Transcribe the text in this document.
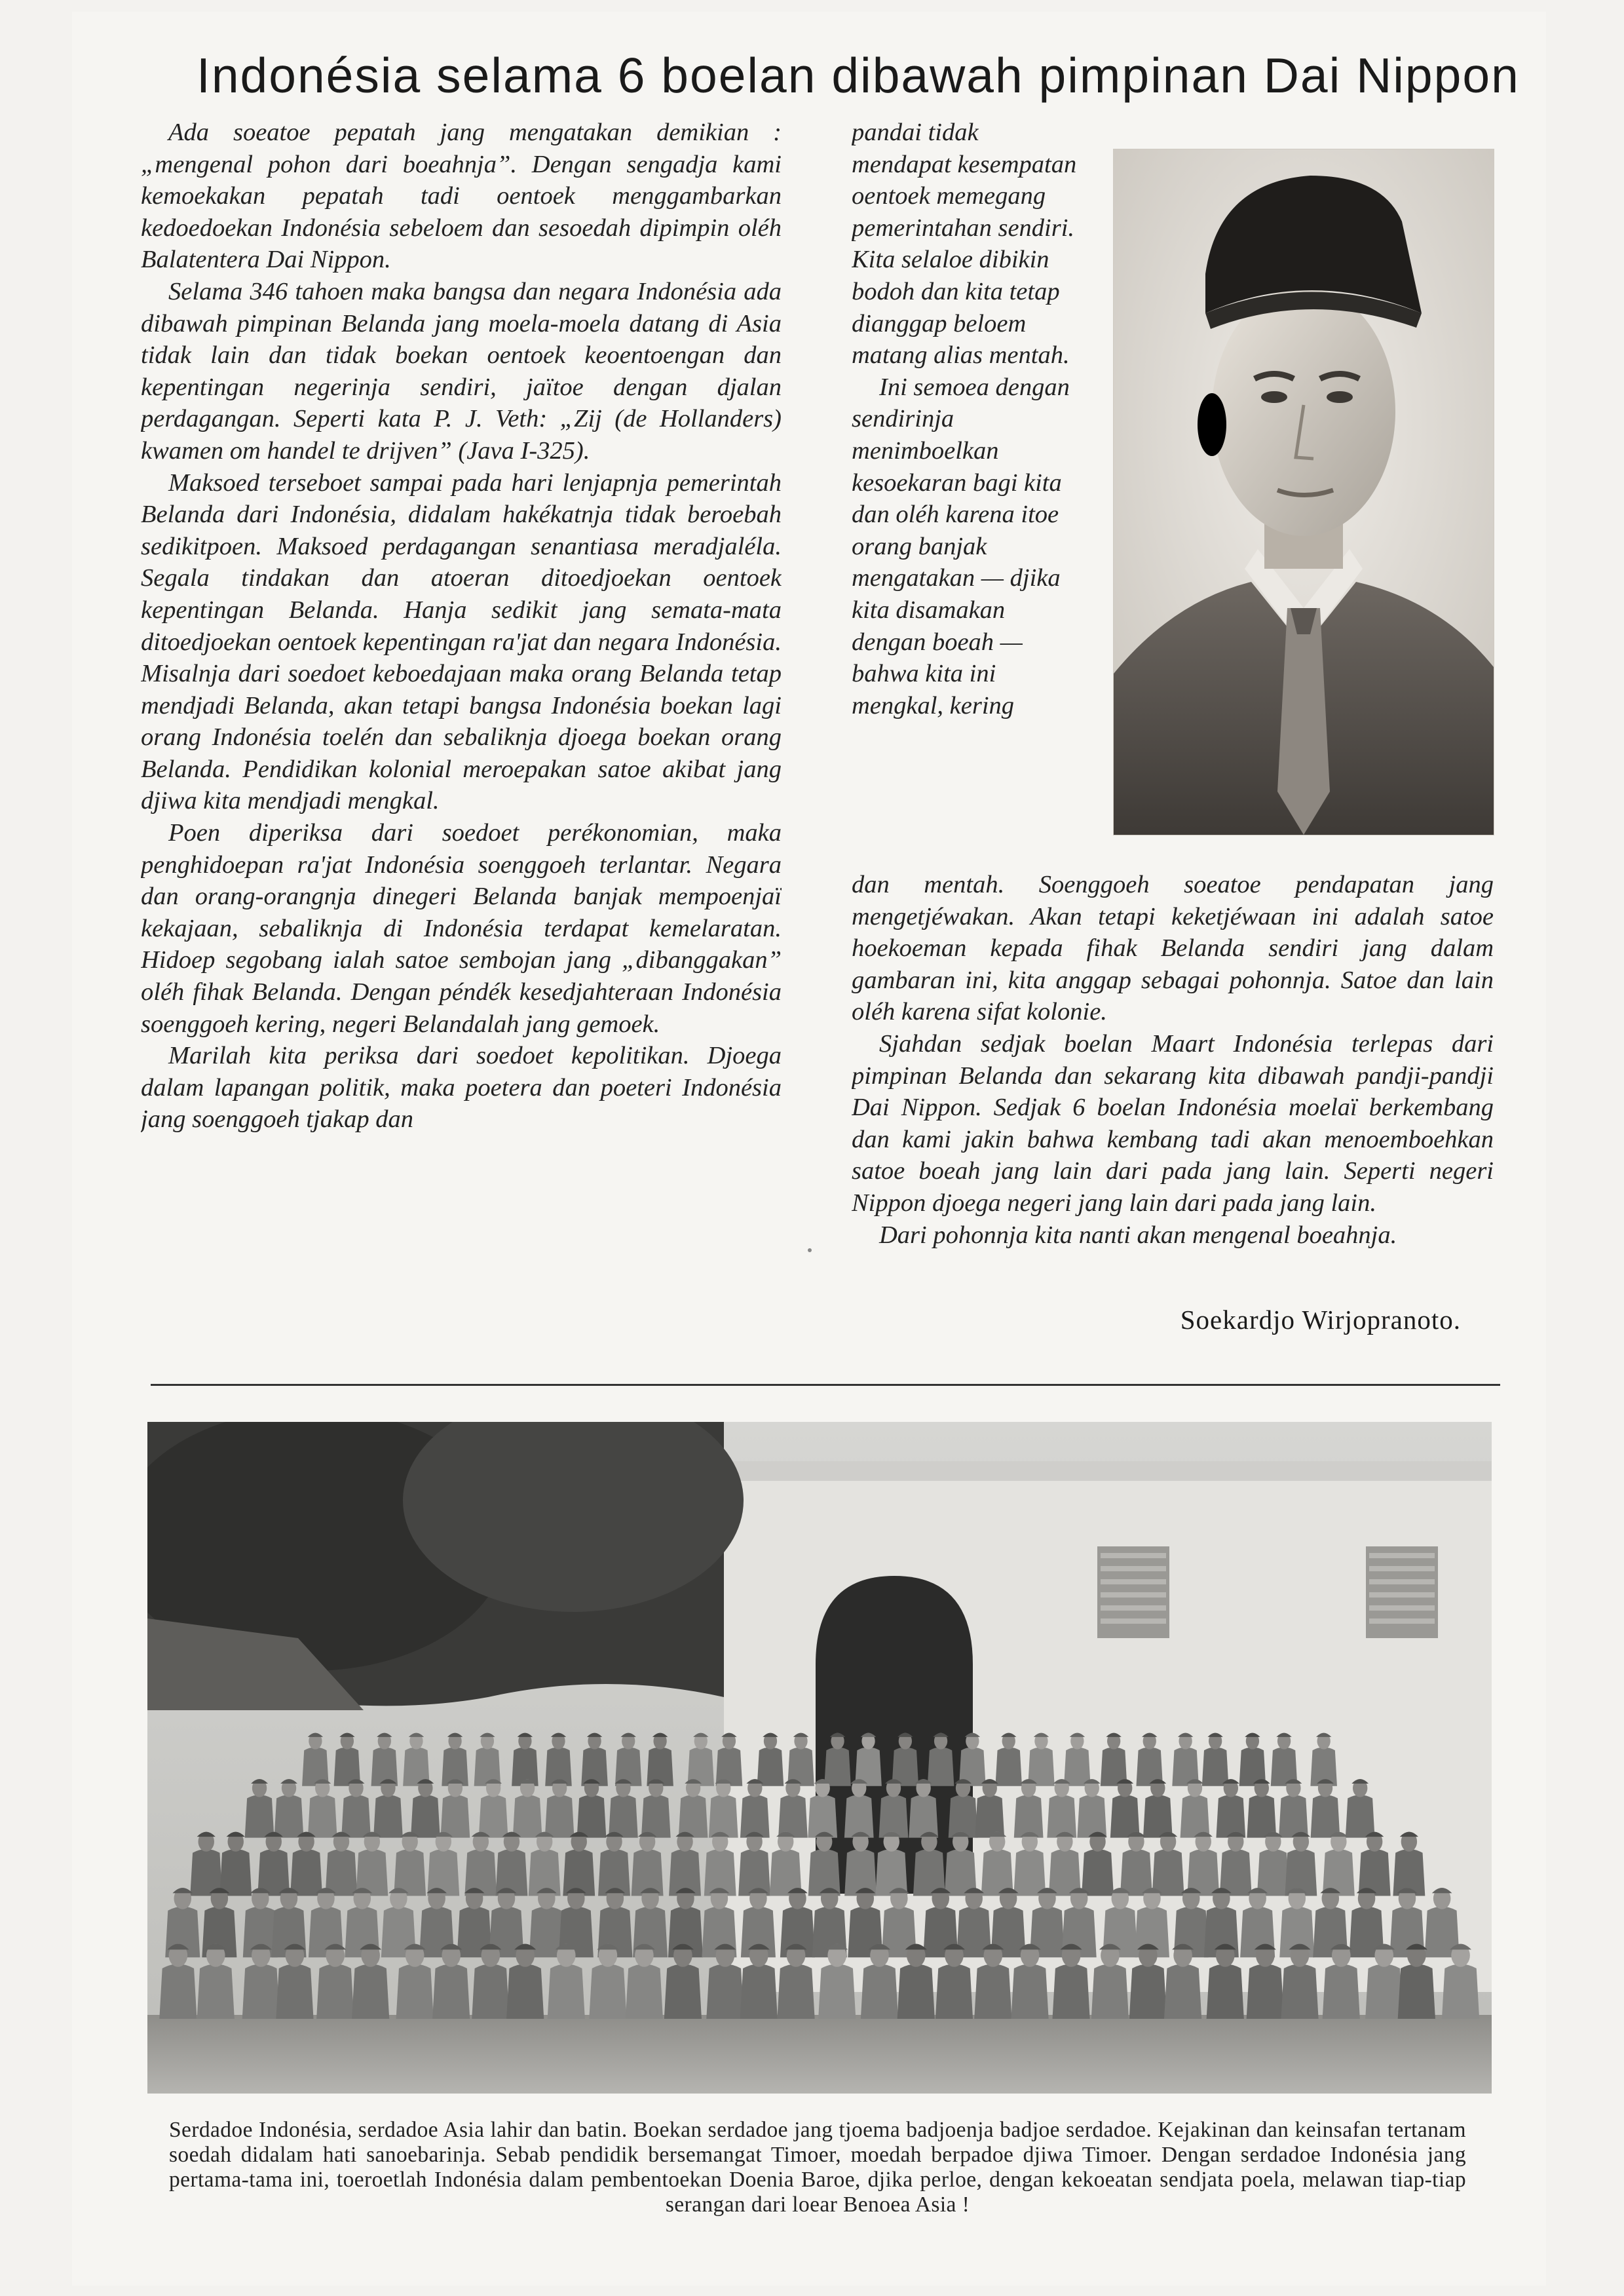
Indonésia selama 6 boelan dibawah pimpinan Dai Nippon

Ada soeatoe pepatah jang mengatakan demikian : „mengenal pohon dari boeahnja”. Dengan sengadja kami kemoekakan pepatah tadi oentoek menggambarkan kedoedoekan Indonésia sebeloem dan sesoedah dipimpin oléh Balatentera Dai Nippon.

Selama 346 tahoen maka bangsa dan negara Indonésia ada dibawah pimpinan Belanda jang moela-moela datang di Asia tidak lain dan tidak boekan oentoek keoentoengan dan kepentingan negerinja sendiri, jaïtoe dengan djalan perdagangan. Seperti kata P. J. Veth: „Zij (de Hollanders) kwamen om handel te drijven” (Java I-325).

Maksoed terseboet sampai pada hari lenjapnja pemerintah Belanda dari Indonésia, didalam hakékatnja tidak beroebah sedikitpoen. Maksoed perdagangan senantiasa meradjaléla. Segala tindakan dan atoeran ditoedjoekan oentoek kepentingan Belanda. Hanja sedikit jang semata-mata ditoedjoekan oentoek kepentingan ra'jat dan negara Indonésia. Misalnja dari soedoet keboedajaan maka orang Belanda tetap mendjadi Belanda, akan tetapi bangsa Indonésia boekan lagi orang Indonésia toelén dan sebaliknja djoega boekan orang Belanda. Pendidikan kolonial meroepakan satoe akibat jang djiwa kita mendjadi mengkal.

Poen diperiksa dari soedoet perékonomian, maka penghidoepan ra'jat Indonésia soenggoeh terlantar. Negara dan orang-orangnja dinegeri Belanda banjak mempoenjaï kekajaan, sebaliknja di Indonésia terdapat kemelaratan. Hidoep segobang ialah satoe sembojan jang „dibanggakan” oléh fihak Belanda. Dengan péndék kesedjahteraan Indonésia soenggoeh kering, negeri Belandalah jang gemoek.

Marilah kita periksa dari soedoet kepolitikan. Djoega dalam lapangan politik, maka poetera dan poeteri Indonésia jang soenggoeh tjakap dan

pandai tidak mendapat kesempatan oentoek memegang pemerintahan sendiri. Kita selaloe dibikin bodoh dan kita tetap dianggap beloem matang alias mentah.

Ini semoea dengan sendirinja menimboelkan kesoekaran bagi kita dan oléh karena itoe orang banjak mengatakan — djika kita disamakan dengan boeah — bahwa kita ini mengkal, kering

dan mentah. Soenggoeh soeatoe pendapatan jang mengetjéwakan. Akan tetapi keketjéwaan ini adalah satoe hoekoeman kepada fihak Belanda sendiri jang dalam gambaran ini, kita anggap sebagai pohonnja. Satoe dan lain oléh karena sifat kolonie.

Sjahdan sedjak boelan Maart Indonésia terlepas dari pimpinan Belanda dan sekarang kita dibawah pandji-pandji Dai Nippon. Sedjak 6 boelan Indonésia moelaï berkembang dan kami jakin bahwa kembang tadi akan menoemboehkan satoe boeah jang lain dari pada jang lain. Seperti negeri Nippon djoega negeri jang lain dari pada jang lain.

Dari pohonnja kita nanti akan mengenal boeahnja.

Soekardjo Wirjopranoto.
Serdadoe Indonésia, serdadoe Asia lahir dan batin. Boekan serdadoe jang tjoema badjoenja badjoe serdadoe. Kejakinan dan keinsafan tertanam soedah didalam hati sanoebarinja. Sebab pendidik bersemangat Timoer, moedah berpadoe djiwa Timoer. Dengan serdadoe Indonésia jang pertama-tama ini, toeroetlah Indonésia dalam pembentoekan Doenia Baroe, djika perloe, dengan kekoeatan sendjata poela, melawan tiap-tiap serangan dari loear Benoea Asia !
